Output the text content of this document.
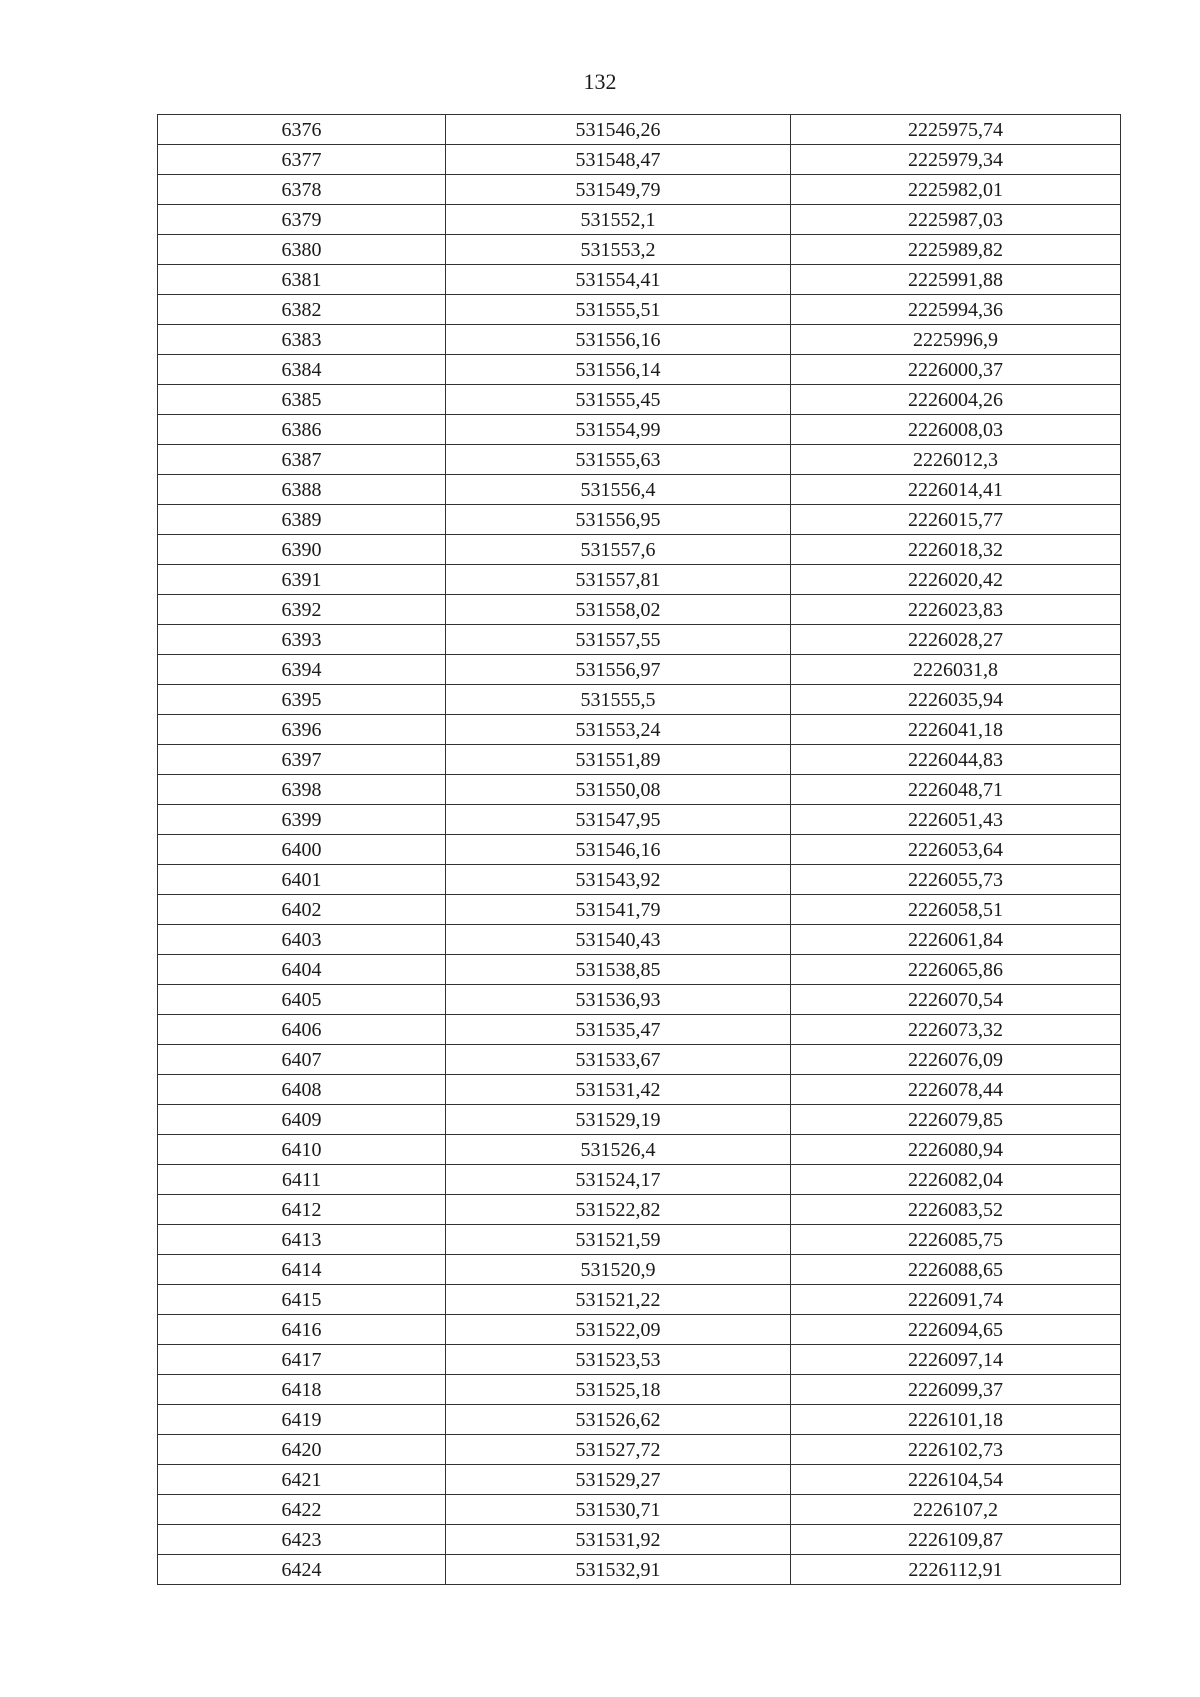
132
6376	531546,26	2225975,74
6377	531548,47	2225979,34
6378	531549,79	2225982,01
6379	531552,1	2225987,03
6380	531553,2	2225989,82
6381	531554,41	2225991,88
6382	531555,51	2225994,36
6383	531556,16	2225996,9
6384	531556,14	2226000,37
6385	531555,45	2226004,26
6386	531554,99	2226008,03
6387	531555,63	2226012,3
6388	531556,4	2226014,41
6389	531556,95	2226015,77
6390	531557,6	2226018,32
6391	531557,81	2226020,42
6392	531558,02	2226023,83
6393	531557,55	2226028,27
6394	531556,97	2226031,8
6395	531555,5	2226035,94
6396	531553,24	2226041,18
6397	531551,89	2226044,83
6398	531550,08	2226048,71
6399	531547,95	2226051,43
6400	531546,16	2226053,64
6401	531543,92	2226055,73
6402	531541,79	2226058,51
6403	531540,43	2226061,84
6404	531538,85	2226065,86
6405	531536,93	2226070,54
6406	531535,47	2226073,32
6407	531533,67	2226076,09
6408	531531,42	2226078,44
6409	531529,19	2226079,85
6410	531526,4	2226080,94
6411	531524,17	2226082,04
6412	531522,82	2226083,52
6413	531521,59	2226085,75
6414	531520,9	2226088,65
6415	531521,22	2226091,74
6416	531522,09	2226094,65
6417	531523,53	2226097,14
6418	531525,18	2226099,37
6419	531526,62	2226101,18
6420	531527,72	2226102,73
6421	531529,27	2226104,54
6422	531530,71	2226107,2
6423	531531,92	2226109,87
6424	531532,91	2226112,91
